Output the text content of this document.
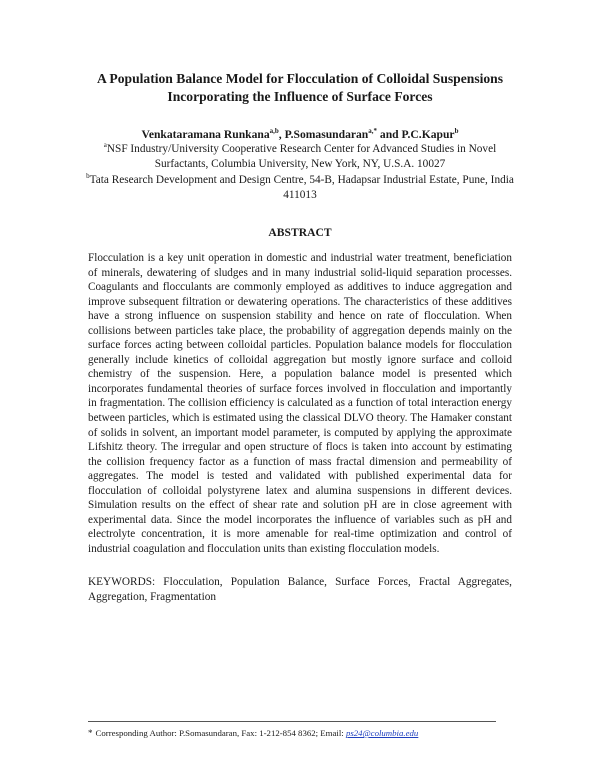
A Population Balance Model for Flocculation of Colloidal Suspensions
Incorporating the Influence of Surface Forces
Venkataramana Runkana$^{a,b}$, P.Somasundaran$^{a,*}$ and P.C.Kapur$^b$
$^a$NSF Industry/University Cooperative Research Center for Advanced Studies in Novel Surfactants, Columbia University, New York, NY, U.S.A. 10027
$^b$Tata Research Development and Design Centre, 54-B, Hadapsar Industrial Estate, Pune, India 411013
ABSTRACT

Flocculation is a key unit operation in domestic and industrial water treatment, beneficiation of minerals, dewatering of sludges and in many industrial solid-liquid separation processes. Coagulants and flocculants are commonly employed as additives to induce aggregation and improve subsequent filtration or dewatering operations. The characteristics of these additives have a strong influence on suspension stability and hence on rate of flocculation. When collisions between particles take place, the probability of aggregation depends mainly on the surface forces acting between colloidal particles. Population balance models for flocculation generally include kinetics of colloidal aggregation but mostly ignore surface and colloid chemistry of the suspension. Here, a population balance model is presented which incorporates fundamental theories of surface forces involved in flocculation and importantly in fragmentation. The collision efficiency is calculated as a function of total interaction energy between particles, which is estimated using the classical DLVO theory. The Hamaker constant of solids in solvent, an important model parameter, is computed by applying the approximate Lifshitz theory. The irregular and open structure of flocs is taken into account by estimating the collision frequency factor as a function of mass fractal dimension and permeability of aggregates. The model is tested and validated with published experimental data for flocculation of colloidal polystyrene latex and alumina suspensions in different devices. Simulation results on the effect of shear rate and solution pH are in close agreement with experimental data. Since the model incorporates the influence of variables such as pH and electrolyte concentration, it is more amenable for real-time optimization and control of industrial coagulation and flocculation units than existing flocculation models.

KEYWORDS: Flocculation, Population Balance, Surface Forces, Fractal Aggregates, Aggregation, Fragmentation

* Corresponding Author: P.Somasundaran, Fax: 1-212-854 8362; Email: ps24@columbia.edu
